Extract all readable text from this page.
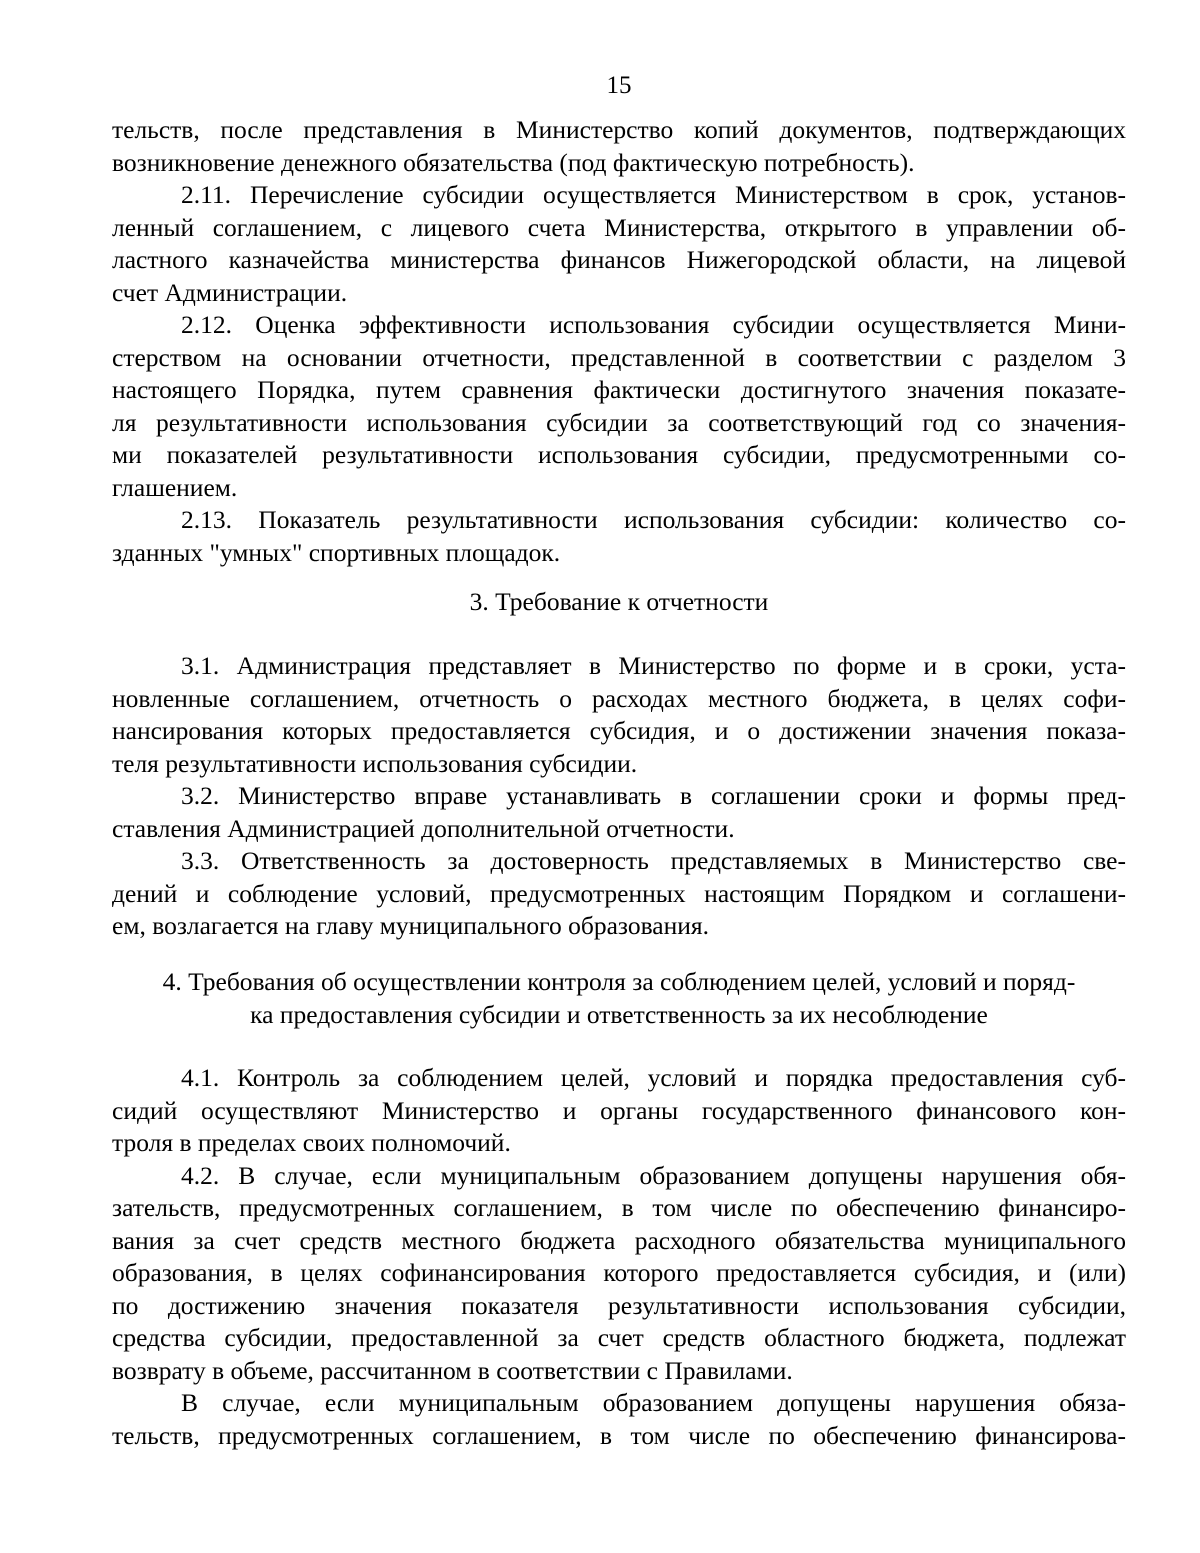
15
тельств, после представления в Министерство копий документов, подтверждающих
возникновение денежного обязательства (под фактическую потребность).
2.11. Перечисление субсидии осуществляется Министерством в срок, установ-
ленный соглашением, с лицевого счета Министерства, открытого в управлении об-
ластного казначейства министерства финансов Нижегородской области, на лицевой
счет Администрации.
2.12. Оценка эффективности использования субсидии осуществляется Мини-
стерством на основании отчетности, представленной в соответствии с разделом 3
настоящего Порядка, путем сравнения фактически достигнутого значения показате-
ля результативности использования субсидии за соответствующий год со значения-
ми показателей результативности использования субсидии, предусмотренными со-
глашением.
2.13. Показатель результативности использования субсидии: количество со-
зданных "умных" спортивных площадок.
3. Требование к отчетности
3.1. Администрация представляет в Министерство по форме и в сроки, уста-
новленные соглашением, отчетность о расходах местного бюджета, в целях софи-
нансирования которых предоставляется субсидия, и о достижении значения показа-
теля результативности использования субсидии.
3.2. Министерство вправе устанавливать в соглашении сроки и формы пред-
ставления Администрацией дополнительной отчетности.
3.3. Ответственность за достоверность представляемых в Министерство све-
дений и соблюдение условий, предусмотренных настоящим Порядком и соглашени-
ем, возлагается на главу муниципального образования.
4. Требования об осуществлении контроля за соблюдением целей, условий и поряд-
ка предоставления субсидии и ответственность за их несоблюдение
4.1. Контроль за соблюдением целей, условий и порядка предоставления суб-
сидий осуществляют Министерство и органы государственного финансового кон-
троля в пределах своих полномочий.
4.2. В случае, если муниципальным образованием допущены нарушения обя-
зательств, предусмотренных соглашением, в том числе по обеспечению финансиро-
вания за счет средств местного бюджета расходного обязательства муниципального
образования, в целях софинансирования которого предоставляется субсидия, и (или)
по достижению значения показателя результативности использования субсидии,
средства субсидии, предоставленной за счет средств областного бюджета, подлежат
возврату в объеме, рассчитанном в соответствии с Правилами.
В случае, если муниципальным образованием допущены нарушения обяза-
тельств, предусмотренных соглашением, в том числе по обеспечению финансирова-
